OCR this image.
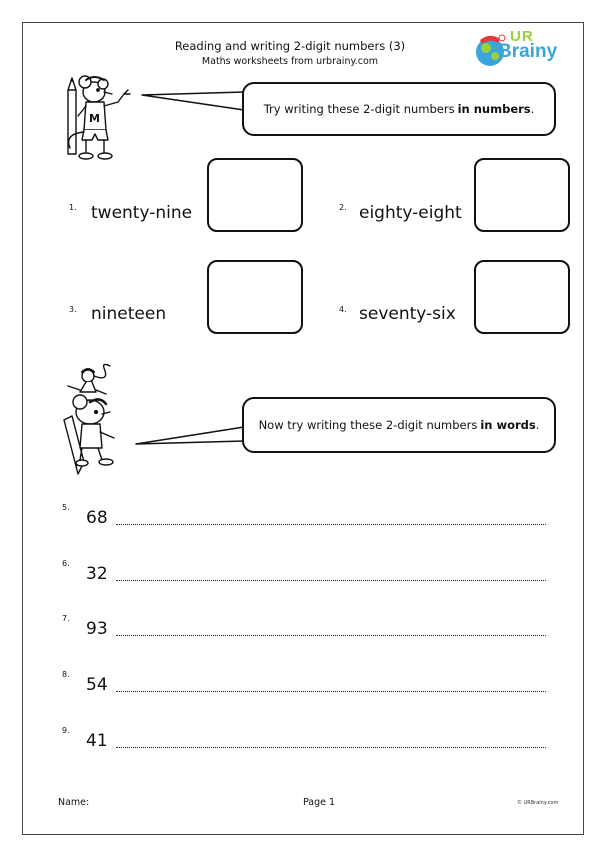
Reading and writing 2-digit numbers (3)
Maths worksheets from urbrainy.com
UR
Brainy
M
Try writing these 2-digit numbers in numbers .
1. twenty-nine	2. eighty-eight
3. nineteen	4. seventy-six
Now try writing these 2-digit numbers in words .
5.
68
6.
32
7.
93
8.
54
9.
41
Name:	Page 1	© URBrainy.com
